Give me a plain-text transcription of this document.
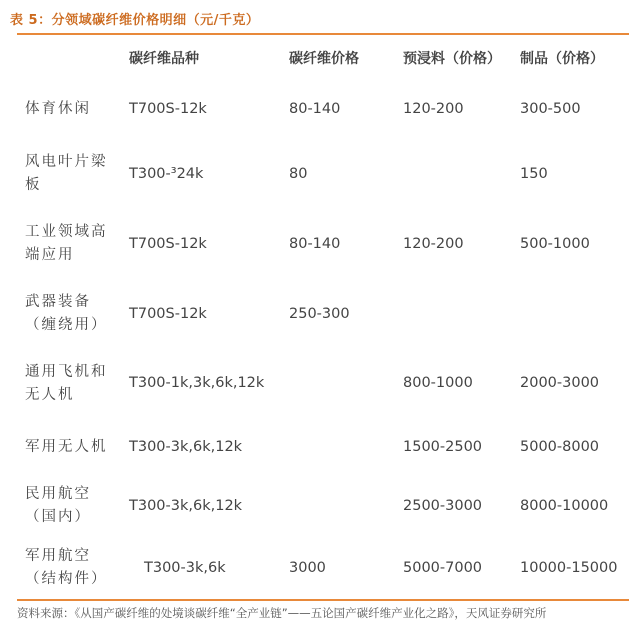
表 5：分领域碳纤维价格明细（元/千克）
	碳纤维品种	碳纤维价格	预浸料（价格）	制品（价格）
体育休闲	T700S-12k	80-140	120-200	300-500
风电叶片梁板	T300-³24k	80		150
工业领域高端应用	T700S-12k	80-140	120-200	500-1000
武器装备（缠绕用）	T700S-12k	250-300		
通用飞机和无人机	T300-1k,3k,6k,12k		800-1000	2000-3000
军用无人机	T300-3k,6k,12k		1500-2500	5000-8000
民用航空（国内）	T300-3k,6k,12k		2500-3000	8000-10000
军用航空（结构件）	T300-3k,6k	3000	5000-7000	10000-15000
资料来源：《从国产碳纤维的处境谈碳纤维“全产业链”——五论国产碳纤维产业化之路》，天风证券研究所
